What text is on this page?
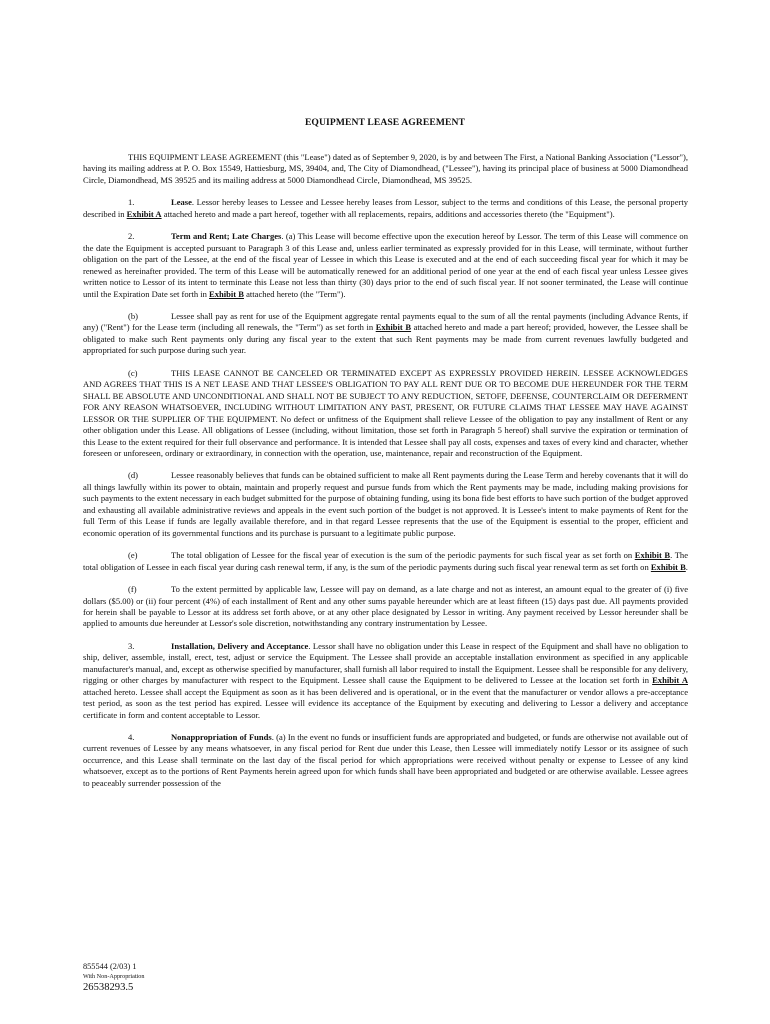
EQUIPMENT LEASE AGREEMENT

THIS EQUIPMENT LEASE AGREEMENT (this "Lease") dated as of September 9, 2020, is by and between The First, a National Banking Association ("Lessor"), having its mailing address at P. O. Box 15549, Hattiesburg, MS, 39404, and, The City of Diamondhead, ("Lessee"), having its principal place of business at 5000 Diamondhead Circle, Diamondhead, MS 39525 and its mailing address at 5000 Diamondhead Circle, Diamondhead, MS 39525.

1.	Lease. Lessor hereby leases to Lessee and Lessee hereby leases from Lessor, subject to the terms and conditions of this Lease, the personal property described in Exhibit A attached hereto and made a part hereof, together with all replacements, repairs, additions and accessories thereto (the "Equipment").

2.	Term and Rent; Late Charges. (a) This Lease will become effective upon the execution hereof by Lessor. The term of this Lease will commence on the date the Equipment is accepted pursuant to Paragraph 3 of this Lease and, unless earlier terminated as expressly provided for in this Lease, will terminate, without further obligation on the part of the Lessee, at the end of the fiscal year of Lessee in which this Lease is executed and at the end of each succeeding fiscal year for which it may be renewed as hereinafter provided. The term of this Lease will be automatically renewed for an additional period of one year at the end of each fiscal year unless Lessee gives written notice to Lessor of its intent to terminate this Lease not less than thirty (30) days prior to the end of such fiscal year. If not sooner terminated, the Lease will continue until the Expiration Date set forth in Exhibit B attached hereto (the "Term").

(b)	Lessee shall pay as rent for use of the Equipment aggregate rental payments equal to the sum of all the rental payments (including Advance Rents, if any) ("Rent") for the Lease term (including all renewals, the "Term") as set forth in Exhibit B attached hereto and made a part hereof; provided, however, the Lessee shall be obligated to make such Rent payments only during any fiscal year to the extent that such Rent payments may be made from current revenues lawfully budgeted and appropriated for such purpose during such year.

(c)	THIS LEASE CANNOT BE CANCELED OR TERMINATED EXCEPT AS EXPRESSLY PROVIDED HEREIN. LESSEE ACKNOWLEDGES AND AGREES THAT THIS IS A NET LEASE AND THAT LESSEE'S OBLIGATION TO PAY ALL RENT DUE OR TO BECOME DUE HEREUNDER FOR THE TERM SHALL BE ABSOLUTE AND UNCONDITIONAL AND SHALL NOT BE SUBJECT TO ANY REDUCTION, SETOFF, DEFENSE, COUNTERCLAIM OR DEFERMENT FOR ANY REASON WHATSOEVER, INCLUDING WITHOUT LIMITATION ANY PAST, PRESENT, OR FUTURE CLAIMS THAT LESSEE MAY HAVE AGAINST LESSOR OR THE SUPPLIER OF THE EQUIPMENT. No defect or unfitness of the Equipment shall relieve Lessee of the obligation to pay any installment of Rent or any other obligation under this Lease. All obligations of Lessee (including, without limitation, those set forth in Paragraph 5 hereof) shall survive the expiration or termination of this Lease to the extent required for their full observance and performance. It is intended that Lessee shall pay all costs, expenses and taxes of every kind and character, whether foreseen or unforeseen, ordinary or extraordinary, in connection with the operation, use, maintenance, repair and reconstruction of the Equipment.

(d)	Lessee reasonably believes that funds can be obtained sufficient to make all Rent payments during the Lease Term and hereby covenants that it will do all things lawfully within its power to obtain, maintain and properly request and pursue funds from which the Rent payments may be made, including making provisions for such payments to the extent necessary in each budget submitted for the purpose of obtaining funding, using its bona fide best efforts to have such portion of the budget approved and exhausting all available administrative reviews and appeals in the event such portion of the budget is not approved. It is Lessee's intent to make payments of Rent for the full Term of this Lease if funds are legally available therefore, and in that regard Lessee represents that the use of the Equipment is essential to the proper, efficient and economic operation of its governmental functions and its purchase is pursuant to a legitimate public purpose.

(e)	The total obligation of Lessee for the fiscal year of execution is the sum of the periodic payments for such fiscal year as set forth on Exhibit B. The total obligation of Lessee in each fiscal year during cash renewal term, if any, is the sum of the periodic payments during such fiscal year renewal term as set forth on Exhibit B.

(f)	To the extent permitted by applicable law, Lessee will pay on demand, as a late charge and not as interest, an amount equal to the greater of (i) five dollars ($5.00) or (ii) four percent (4%) of each installment of Rent and any other sums payable hereunder which are at least fifteen (15) days past due. All payments provided for herein shall be payable to Lessor at its address set forth above, or at any other place designated by Lessor in writing. Any payment received by Lessor hereunder shall be applied to amounts due hereunder at Lessor's sole discretion, notwithstanding any contrary instrumentation by Lessee.

3.	Installation, Delivery and Acceptance. Lessor shall have no obligation under this Lease in respect of the Equipment and shall have no obligation to ship, deliver, assemble, install, erect, test, adjust or service the Equipment. The Lessee shall provide an acceptable installation environment as specified in any applicable manufacturer's manual, and, except as otherwise specified by manufacturer, shall furnish all labor required to install the Equipment. Lessee shall be responsible for any delivery, rigging or other charges by manufacturer with respect to the Equipment. Lessee shall cause the Equipment to be delivered to Lessee at the location set forth in Exhibit A attached hereto. Lessee shall accept the Equipment as soon as it has been delivered and is operational, or in the event that the manufacturer or vendor allows a pre-acceptance test period, as soon as the test period has expired. Lessee will evidence its acceptance of the Equipment by executing and delivering to Lessor a delivery and acceptance certificate in form and content acceptable to Lessor.

4.	Nonappropriation of Funds. (a) In the event no funds or insufficient funds are appropriated and budgeted, or funds are otherwise not available out of current revenues of Lessee by any means whatsoever, in any fiscal period for Rent due under this Lease, then Lessee will immediately notify Lessor or its assignee of such occurrence, and this Lease shall terminate on the last day of the fiscal period for which appropriations were received without penalty or expense to Lessee of any kind whatsoever, except as to the portions of Rent Payments herein agreed upon for which funds shall have been appropriated and budgeted or are otherwise available. Lessee agrees to peaceably surrender possession of the

855544 (2/03) 1
With Non-Appropriation
26538293.5
